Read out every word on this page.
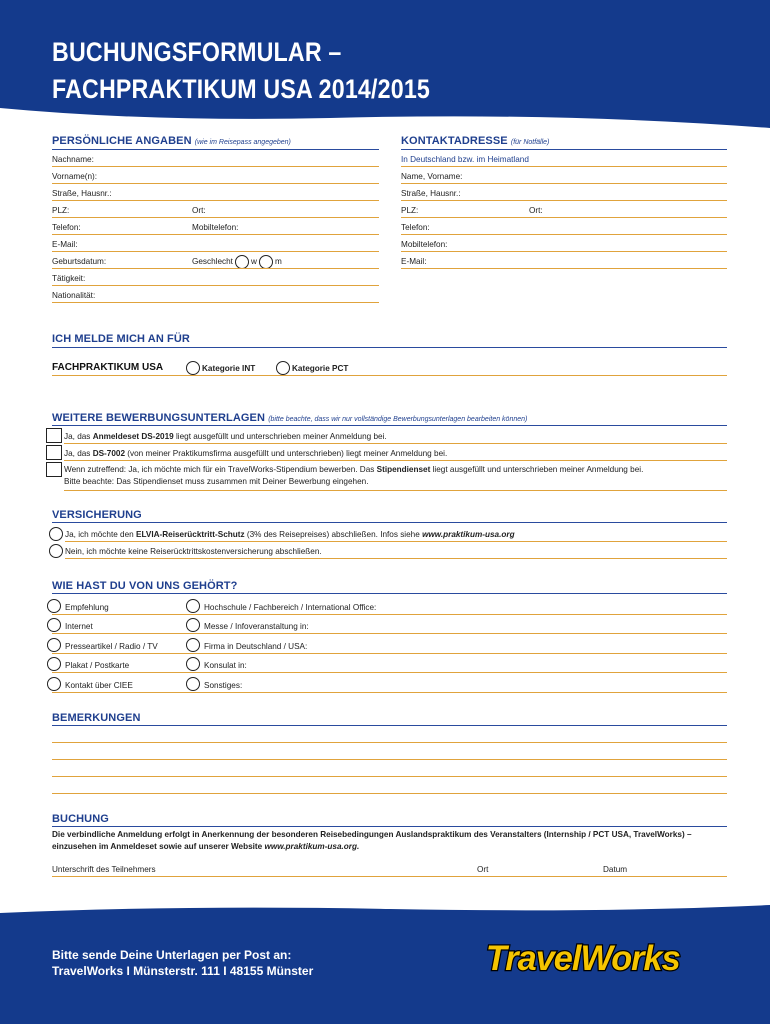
BUCHUNGSFORMULAR –
FACHPRAKTIKUM USA 2014/2015
PERSÖNLICHE ANGABEN (wie im Reisepass angegeben)
Nachname:
Vorname(n):
Straße, Hausnr.:
PLZ:	Ort:
Telefon:	Mobiltelefon:
E-Mail:
Geburtsdatum:	Geschlecht w m
Tätigkeit:
Nationalität:
KONTAKTADRESSE (für Notfälle)
In Deutschland bzw. im Heimatland
Name, Vorname:
Straße, Hausnr.:
PLZ:	Ort:
Telefon:
Mobiltelefon:
E-Mail:
ICH MELDE MICH AN FÜR
FACHPRAKTIKUM USA	Kategorie INT	Kategorie PCT
WEITERE BEWERBUNGSUNTERLAGEN (bitte beachte, dass wir nur vollständige Bewerbungsunterlagen bearbeiten können)
Ja, das Anmeldeset DS-2019 liegt ausgefüllt und unterschrieben meiner Anmeldung bei.
Ja, das DS-7002 (von meiner Praktikumsfirma ausgefüllt und unterschrieben) liegt meiner Anmeldung bei.
Wenn zutreffend: Ja, ich möchte mich für ein TravelWorks-Stipendium bewerben. Das Stipendienset liegt ausgefüllt und unterschrieben meiner Anmeldung bei.
Bitte beachte: Das Stipendienset muss zusammen mit Deiner Bewerbung eingehen.
VERSICHERUNG
Ja, ich möchte den ELVIA-Reiserücktritt-Schutz (3% des Reisepreises) abschließen. Infos siehe www.praktikum-usa.org
Nein, ich möchte keine Reiserücktrittskostenversicherung abschließen.
WIE HAST DU VON UNS GEHÖRT?
Empfehlung	Hochschule / Fachbereich / International Office:
Internet	Messe / Infoveranstaltung in:
Presseartikel / Radio / TV	Firma in Deutschland / USA:
Plakat / Postkarte	Konsulat in:
Kontakt über CIEE	Sonstiges:
BEMERKUNGEN
BUCHUNG
Die verbindliche Anmeldung erfolgt in Anerkennung der besonderen Reisebedingungen Auslandspraktikum des Veranstalters (Internship / PCT USA, TravelWorks) –
einzusehen im Anmeldeset sowie auf unserer Website www.praktikum-usa.org.
Unterschrift des Teilnehmers	Ort	Datum
Bitte sende Deine Unterlagen per Post an:
TravelWorks I Münsterstr. 111 I 48155 Münster	TravelWorks
